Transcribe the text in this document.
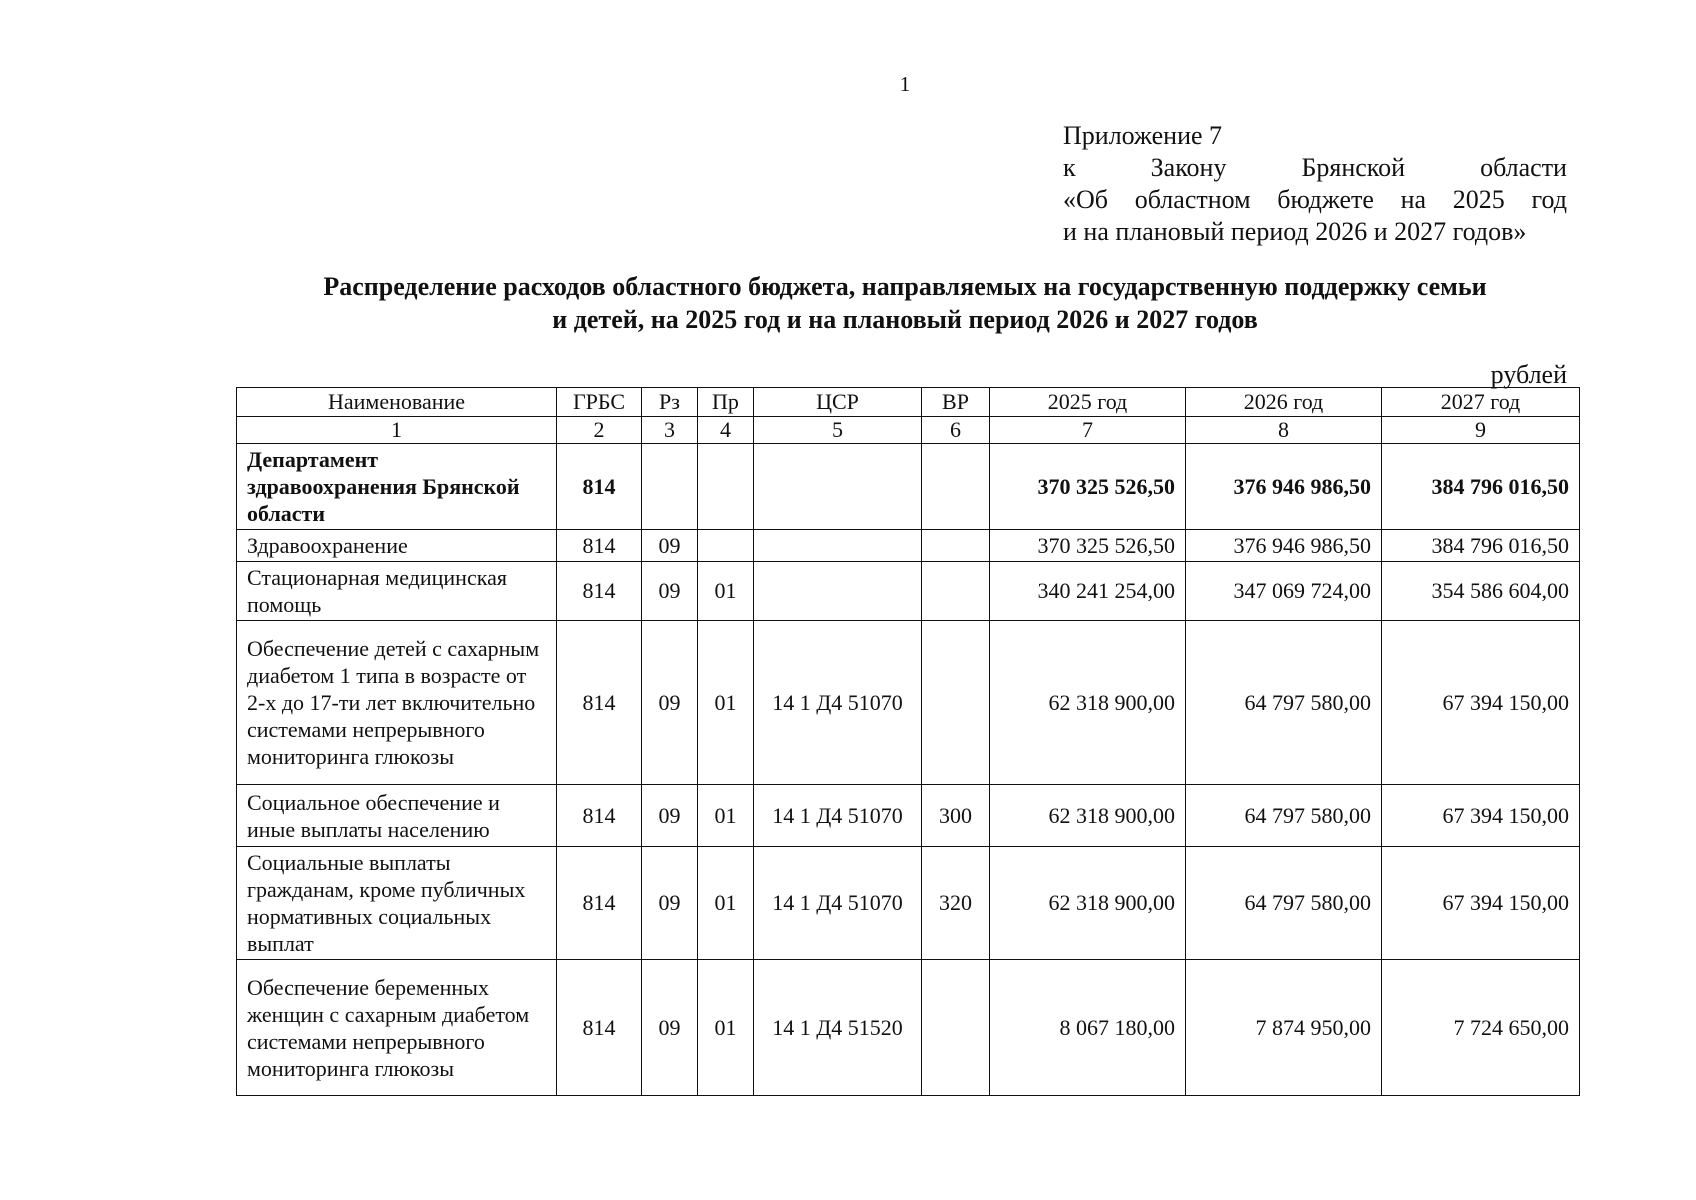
1
Приложение 7
к	Закону	Брянской	области
«Об областном бюджете на 2025 год
и на плановый период 2026 и 2027 годов»
Распределение расходов областного бюджета, направляемых на государственную поддержку семьи
и детей, на 2025 год и на плановый период 2026 и 2027 годов
рублей
Наименование	ГРБС	Рз	Пр	ЦСР	ВР	2025 год	2026 год	2027 год
1	2	3	4	5	6	7	8	9
Департамент здравоохранения Брянской области	814					370 325 526,50	376 946 986,50	384 796 016,50
Здравоохранение	814	09				370 325 526,50	376 946 986,50	384 796 016,50
Стационарная медицинская помощь	814	09	01			340 241 254,00	347 069 724,00	354 586 604,00
Обеспечение детей с сахарным диабетом 1 типа в возрасте от 2-х до 17-ти лет включительно системами непрерывного мониторинга глюкозы	814	09	01	14 1 Д4 51070		62 318 900,00	64 797 580,00	67 394 150,00
Социальное обеспечение и иные выплаты населению	814	09	01	14 1 Д4 51070	300	62 318 900,00	64 797 580,00	67 394 150,00
Социальные выплаты гражданам, кроме публичных нормативных социальных выплат	814	09	01	14 1 Д4 51070	320	62 318 900,00	64 797 580,00	67 394 150,00
Обеспечение беременных женщин с сахарным диабетом системами непрерывного мониторинга глюкозы	814	09	01	14 1 Д4 51520		8 067 180,00	7 874 950,00	7 724 650,00
